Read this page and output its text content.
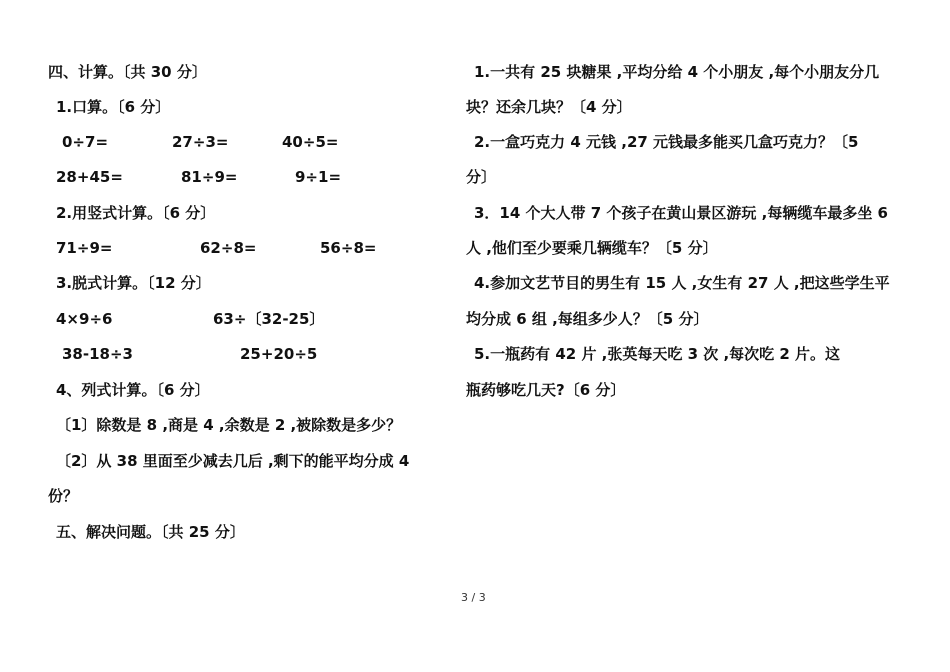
四、计算。〔共 30 分〕
1.口算。〔6 分〕
0÷7=	27÷3=	40÷5=
28+45=	81÷9=	9÷1=
2.用竖式计算。〔6 分〕
71÷9=	62÷8=	56÷8=
3.脱式计算。〔12 分〕
4×9÷6	63÷〔32-25〕
38-18÷3	25+20÷5
4、列式计算。〔6 分〕
〔1〕除数是 8 ,商是 4 ,余数是 2 ,被除数是多少？
〔2〕从 38 里面至少减去几后 ,剩下的能平均分成 4
份？
五、解决问题。〔共 25 分〕
1.一共有 25 块糖果 ,平均分给 4 个小朋友 ,每个小朋友分几
块？还余几块？〔4 分〕
2.一盒巧克力 4 元钱 ,27 元钱最多能买几盒巧克力？〔5
分〕
3．14 个大人带 7 个孩子在黄山景区游玩 ,每辆缆车最多坐 6
人 ,他们至少要乘几辆缆车？〔5 分〕
4.参加文艺节目的男生有 15 人 ,女生有 27 人 ,把这些学生平
均分成 6 组 ,每组多少人？〔5 分〕
5.一瓶药有 42 片 ,张英每天吃 3 次 ,每次吃 2 片。这
瓶药够吃几天?〔6 分〕
3 / 3
